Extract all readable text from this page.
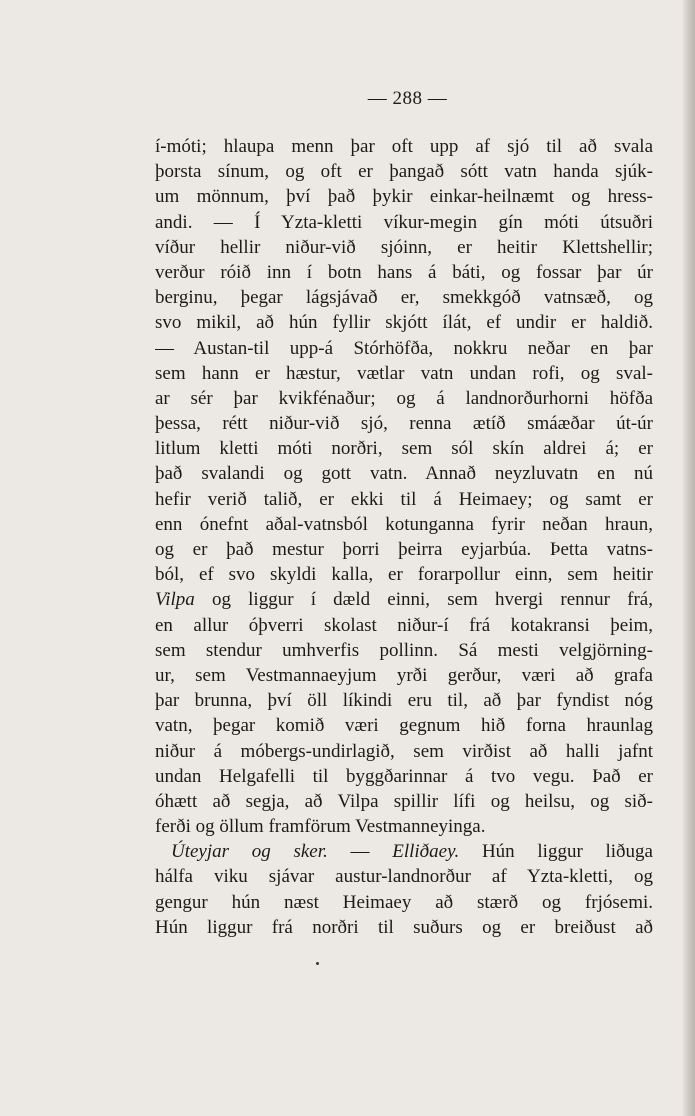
— 288 —
í-móti; hlaupa menn þar oft upp af sjó til að svala
þorsta sínum, og oft er þangað sótt vatn handa sjúk-
um mönnum, því það þykir einkar-heilnæmt og hress-
andi. — Í Yzta-kletti víkur-megin gín móti útsuðri
víður hellir niður-við sjóinn, er heitir Klettshellir;
verður róið inn í botn hans á báti, og fossar þar úr
berginu, þegar lágsjávað er, smekkgóð vatnsæð, og
svo mikil, að hún fyllir skjótt ílát, ef undir er haldið.
— Austan-til upp-á Stórhöfða, nokkru neðar en þar
sem hann er hæstur, vætlar vatn undan rofi, og sval-
ar sér þar kvikfénaður; og á landnorðurhorni höfða
þessa, rétt niður-við sjó, renna ætíð smáæðar út-úr
litlum kletti móti norðri, sem sól skín aldrei á; er
það svalandi og gott vatn. Annað neyzluvatn en nú
hefir verið talið, er ekki til á Heimaey; og samt er
enn ónefnt aðal-vatnsból kotunganna fyrir neðan hraun,
og er það mestur þorri þeirra eyjarbúa. Þetta vatns-
ból, ef svo skyldi kalla, er forarpollur einn, sem heitir
Vilpa og liggur í dæld einni, sem hvergi rennur frá,
en allur óþverri skolast niður-í frá kotakransi þeim,
sem stendur umhverfis pollinn. Sá mesti velgjörning-
ur, sem Vestmannaeyjum yrði gerður, væri að grafa
þar brunna, því öll líkindi eru til, að þar fyndist nóg
vatn, þegar komið væri gegnum hið forna hraunlag
niður á móbergs-undirlagið, sem virðist að halli jafnt
undan Helgafelli til byggðarinnar á tvo vegu. Það er
óhætt að segja, að Vilpa spillir lífi og heilsu, og sið-
ferði og öllum framförum Vestmanneyinga.
Úteyjar og sker. — Elliðaey. Hún liggur liðuga
hálfa viku sjávar austur-landnorður af Yzta-kletti, og
gengur hún næst Heimaey að stærð og frjósemi.
Hún liggur frá norðri til suðurs og er breiðust að
